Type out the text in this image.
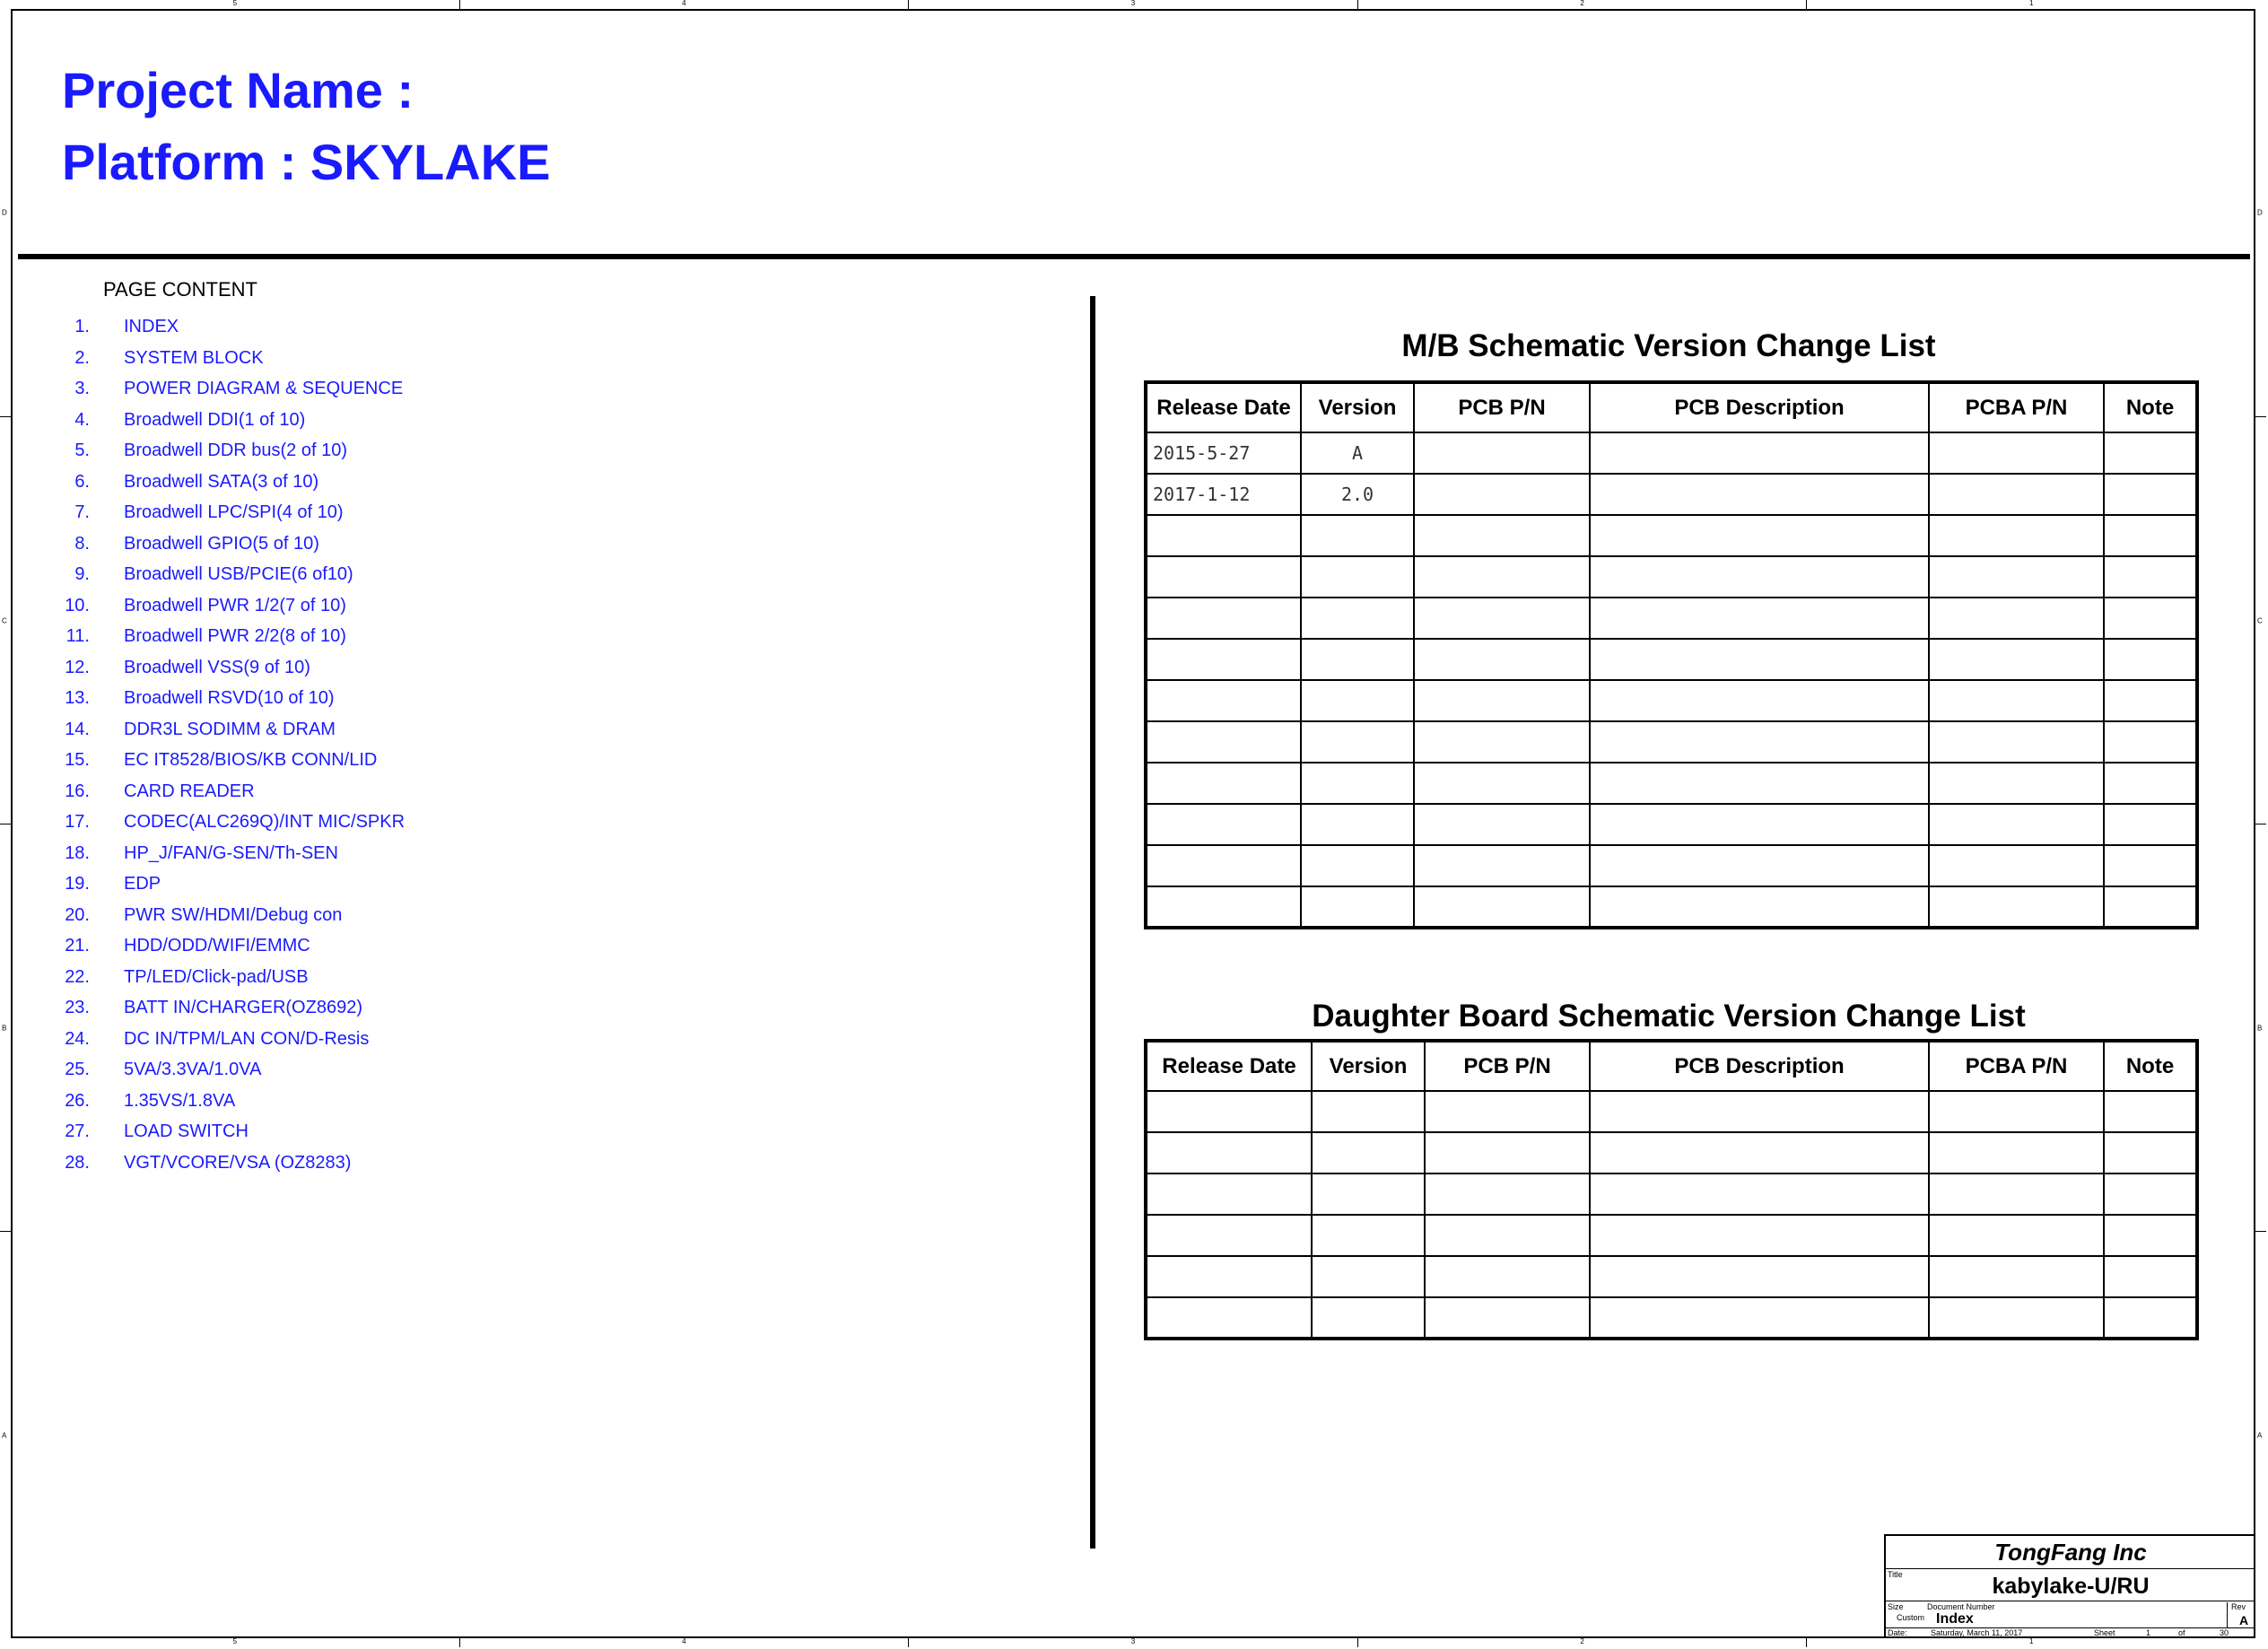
5	4	3	2	1
5	4	3	2	1
D
C
B
A
D
C
B
A
Project Name :
Platform : SKYLAKE
PAGE CONTENT
1.	INDEX
2.	SYSTEM BLOCK
3.	POWER DIAGRAM & SEQUENCE
4.	Broadwell DDI(1 of 10)
5.	Broadwell DDR bus(2 of 10)
6.	Broadwell SATA(3 of 10)
7.	Broadwell LPC/SPI(4 of 10)
8.	Broadwell GPIO(5 of 10)
9.	Broadwell USB/PCIE(6 of10)
10.	Broadwell PWR 1/2(7 of 10)
11.	Broadwell PWR 2/2(8 of 10)
12.	Broadwell VSS(9 of 10)
13.	Broadwell RSVD(10 of 10)
14.	DDR3L SODIMM & DRAM
15.	EC IT8528/BIOS/KB CONN/LID
16.	CARD READER
17.	CODEC(ALC269Q)/INT MIC/SPKR
18.	HP_J/FAN/G-SEN/Th-SEN
19.	EDP
20.	PWR SW/HDMI/Debug con
21.	HDD/ODD/WIFI/EMMC
22.	TP/LED/Click-pad/USB
23.	BATT IN/CHARGER(OZ8692)
24.	DC IN/TPM/LAN CON/D-Resis
25.	5VA/3.3VA/1.0VA
26.	1.35VS/1.8VA
27.	LOAD SWITCH
28.	VGT/VCORE/VSA (OZ8283)
M/B Schematic Version Change List
Release Date	Version	PCB P/N	PCB Description	PCBA P/N	Note
2015-5-27	A				
2017-1-12	2.0				

Daughter Board Schematic Version Change List
Release Date	Version	PCB P/N	PCB Description	PCBA P/N	Note

TongFang Inc
Title	kabylake-U/RU
Size
Custom
Document Number
Index
Rev
A
Date:	Saturday, March 11, 2017	Sheet	1	of	30
